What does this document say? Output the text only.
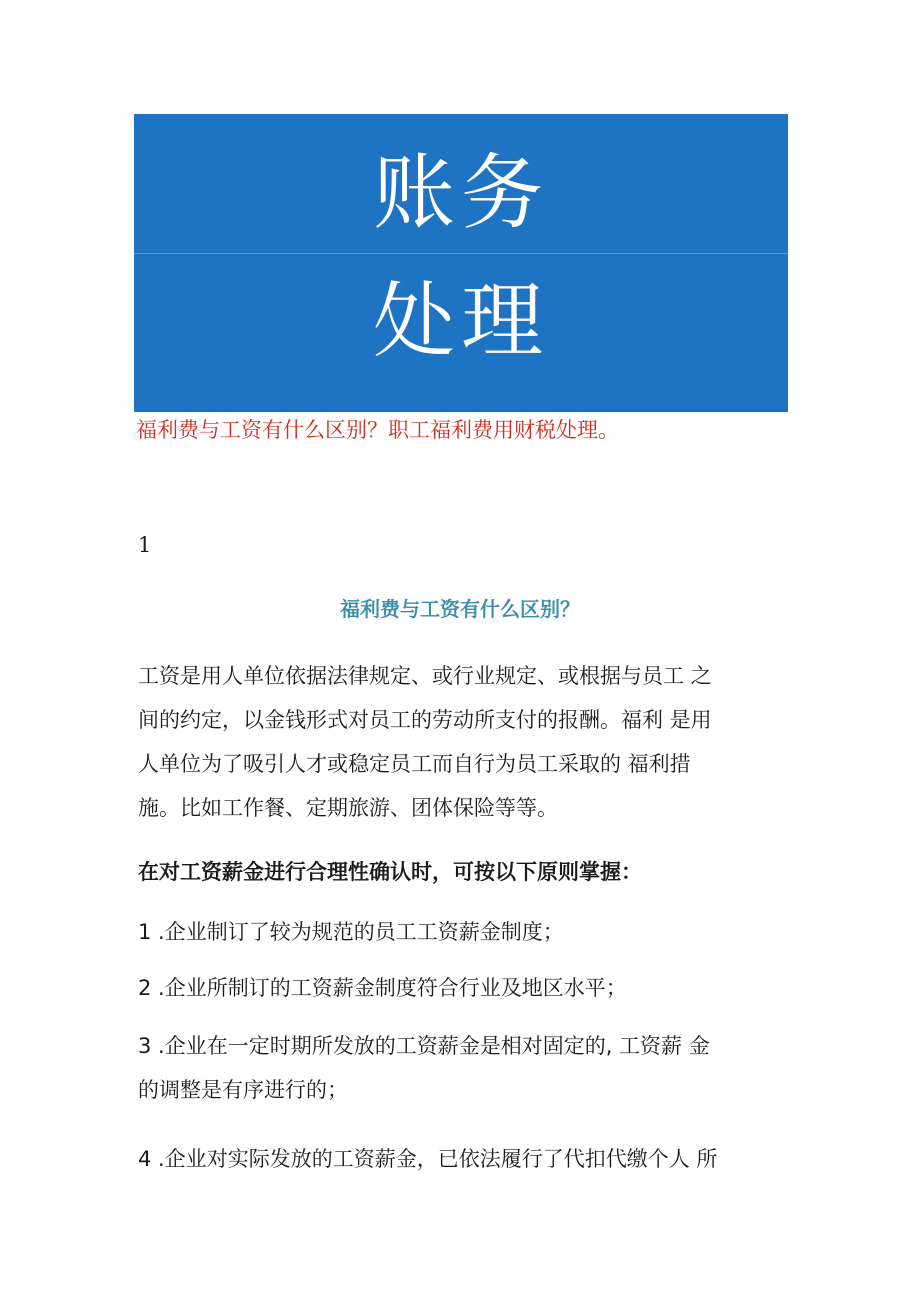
账务
处理
福利费与工资有什么区别？职工福利费用财税处理。
1
福利费与工资有什么区别？
工资是用人单位依据法律规定、或行业规定、或根据与员工 之
间的约定，以金钱形式对员工的劳动所支付的报酬。福利 是用
人单位为了吸引人才或稳定员工而自行为员工采取的 福利措
施。比如工作餐、定期旅游、团体保险等等。
在对工资薪金进行合理性确认时，可按以下原则掌握：
1 .企业制订了较为规范的员工工资薪金制度；
2 .企业所制订的工资薪金制度符合行业及地区水平；
3 .企业在一定时期所发放的工资薪金是相对固定的, 工资薪 金
的调整是有序进行的；
4 .企业对实际发放的工资薪金，已依法履行了代扣代缴个人 所
